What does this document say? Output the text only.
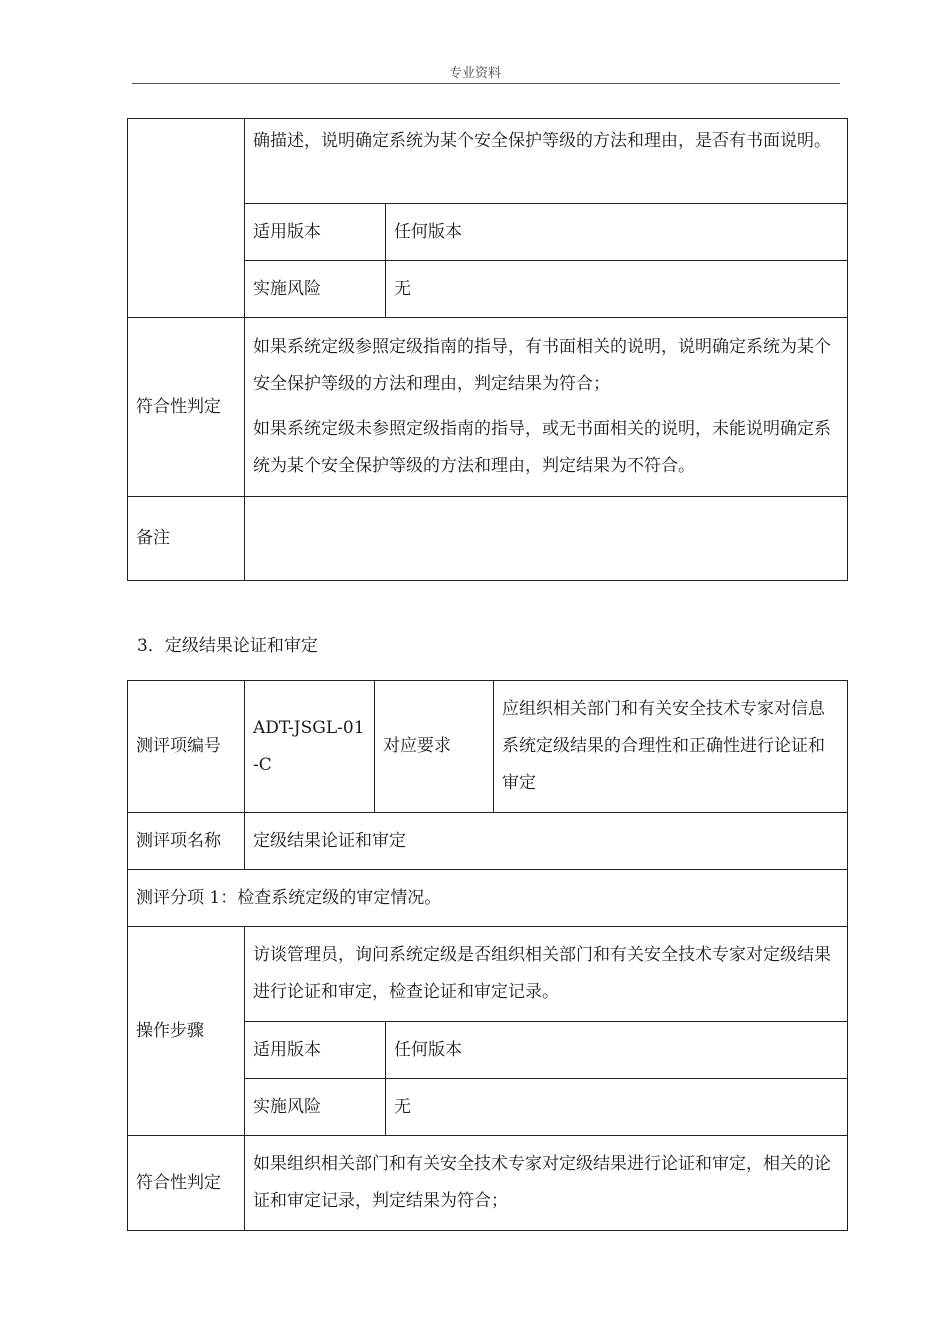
专业资料
	确描述，说明确定系统为某个安全保护等级的方法和理由，是否有书面说明。	
	适用版本	任何版本
	实施风险	无
符合性判定	如果系统定级参照定级指南的指导，有书面相关的说明，说明确定系统为某个安全保护等级的方法和理由，判定结果为符合；
如果系统定级未参照定级指南的指导，或无书面相关的说明，未能说明确定系统为某个安全保护等级的方法和理由，判定结果为不符合。	

备注		
3．定级结果论证和审定
测评项编号	ADT-JSGL-01-C	对应要求		应组织相关部门和有关安全技术专家对信息系统定级结果的合理性和正确性进行论证和审定
测评项名称	定级结果论证和审定			
测评分项 1：检查系统定级的审定情况。				
操作步骤	访谈管理员，询问系统定级是否组织相关部门和有关安全技术专家对定级结果进行论证和审定，检查论证和审定记录。			
	适用版本		任何版本	
	实施风险		无	
符合性判定	如果组织相关部门和有关安全技术专家对定级结果进行论证和审定，相关的论证和审定记录，判定结果为符合；			
